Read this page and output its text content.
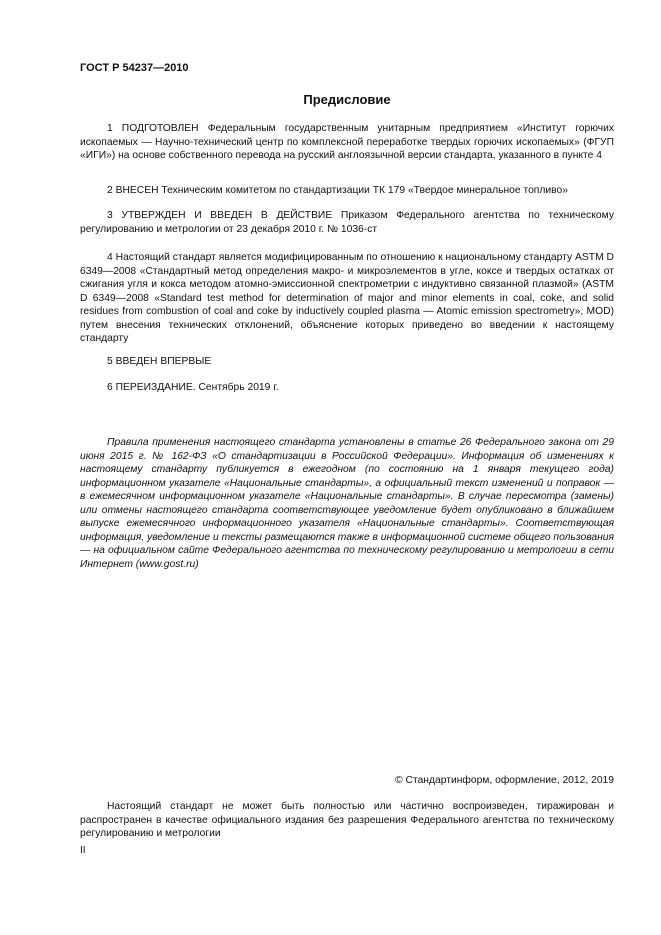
ГОСТ Р 54237—2010
Предисловие

1 ПОДГОТОВЛЕН Федеральным государственным унитарным предприятием «Институт горючих ископаемых — Научно-технический центр по комплексной переработке твердых горючих ископаемых» (ФГУП «ИГИ») на основе собственного перевода на русский англоязычной версии стандарта, указанного в пункте 4

2 ВНЕСЕН Техническим комитетом по стандартизации ТК 179 «Твердое минеральное топливо»

3 УТВЕРЖДЕН И ВВЕДЕН В ДЕЙСТВИЕ Приказом Федерального агентства по техническому регулированию и метрологии от 23 декабря 2010 г. № 1036-ст

4 Настоящий стандарт является модифицированным по отношению к национальному стандарту ASTM D 6349—2008 «Стандартный метод определения макро- и микроэлементов в угле, коксе и твердых остатках от сжигания угля и кокса методом атомно-эмиссионной спектрометрии с индуктивно связанной плазмой» (ASTM D 6349—2008 «Standard test method for determination of major and minor elements in coal, coke, and solid residues from combustion of coal and coke by inductively coupled plasma — Atomic emission spectrometry», MOD) путем внесения технических отклонений, объяснение которых приведено во введении к настоящему стандарту

5 ВВЕДЕН ВПЕРВЫЕ

6 ПЕРЕИЗДАНИЕ. Сентябрь 2019 г.

Правила применения настоящего стандарта установлены в статье 26 Федерального закона от 29 июня 2015 г. № 162-ФЗ «О стандартизации в Российской Федерации». Информация об изменениях к настоящему стандарту публикуется в ежегодном (по состоянию на 1 января текущего года) информационном указателе «Национальные стандарты», а официальный текст изменений и поправок — в ежемесячном информационном указателе «Национальные стандарты». В случае пересмотра (замены) или отмены настоящего стандарта соответствующее уведомление будет опубликовано в ближайшем выпуске ежемесячного информационного указателя «Национальные стандарты». Соответствующая информация, уведомление и тексты размещаются также в информационной системе общего пользования — на официальном сайте Федерального агентства по техническому регулированию и метрологии в сети Интернет (www.gost.ru)

© Стандартинформ, оформление, 2012, 2019

Настоящий стандарт не может быть полностью или частично воспроизведен, тиражирован и распространен в качестве официального издания без разрешения Федерального агентства по техническому регулированию и метрологии

II
